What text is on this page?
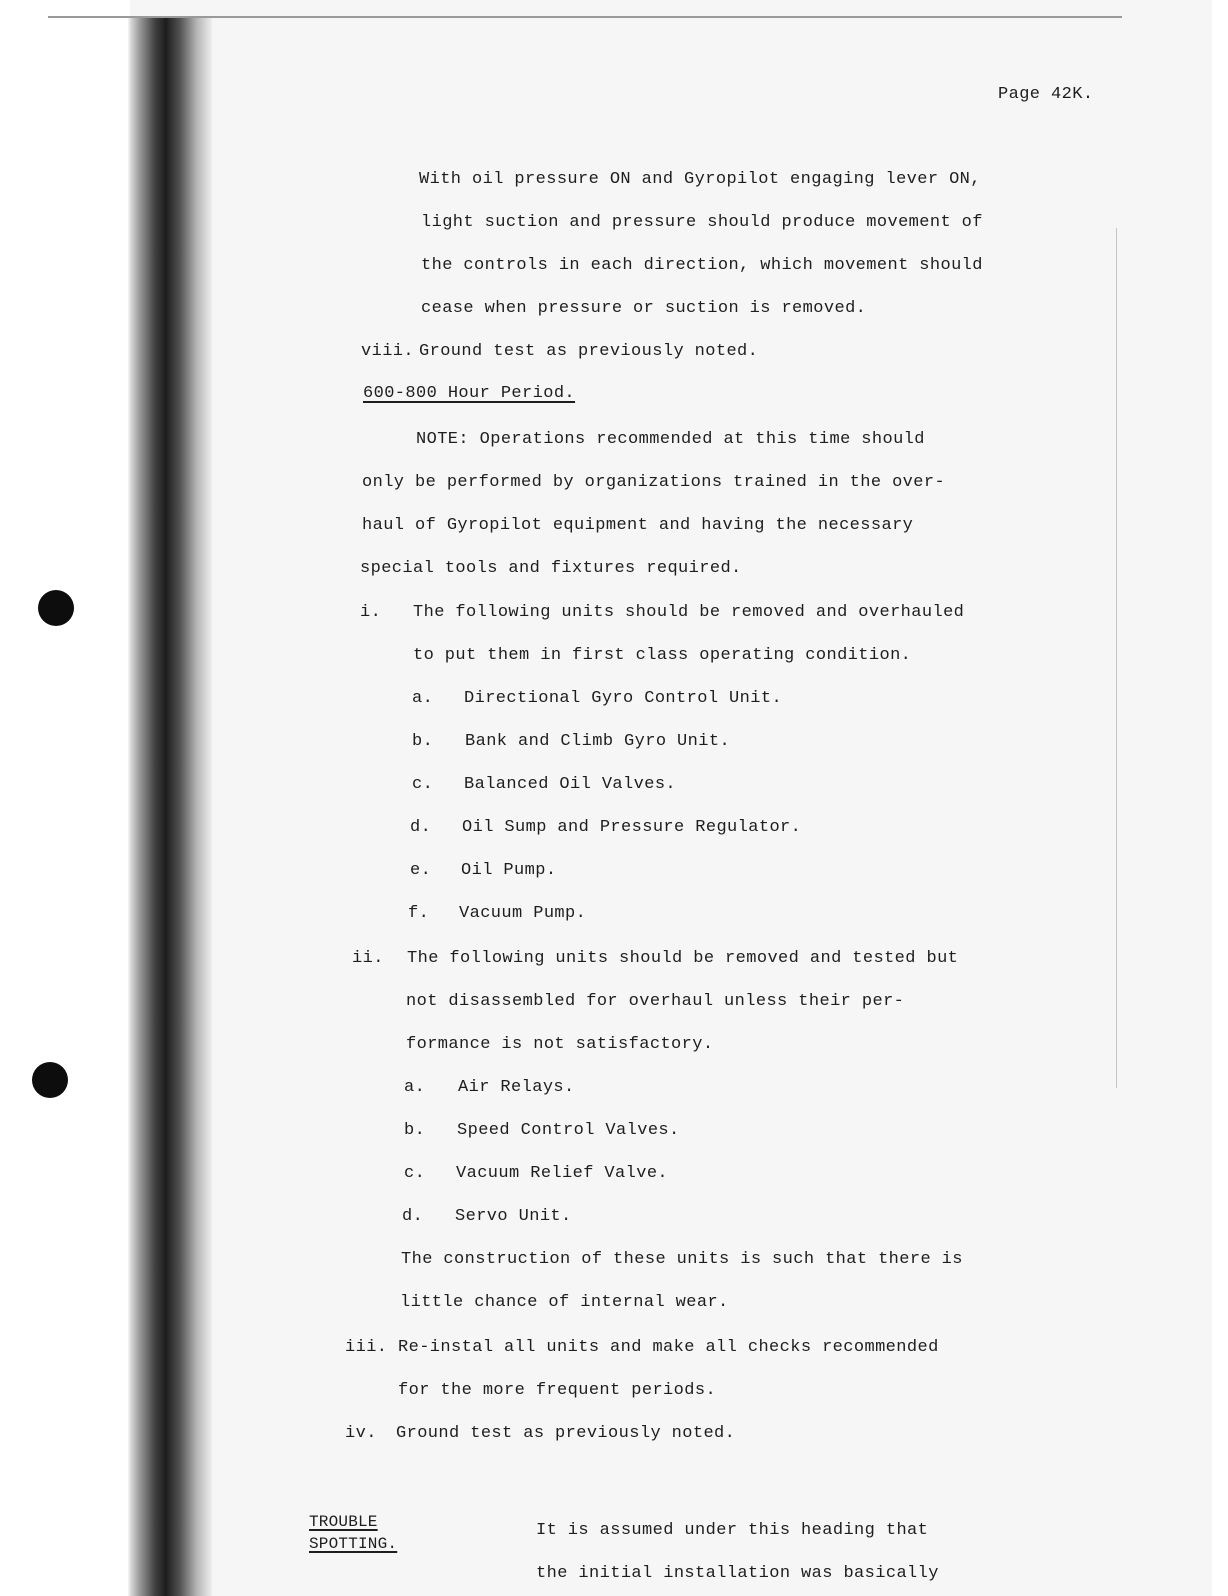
Page 42K.
With oil pressure ON and Gyropilot engaging lever ON,
light suction and pressure should produce movement of
the controls in each direction, which movement should
cease when pressure or suction is removed.
viii. Ground test as previously noted.
600-800 Hour Period.
NOTE: Operations recommended at this time should
only be performed by organizations trained in the over-
haul of Gyropilot equipment and having the necessary
special tools and fixtures required.
i. The following units should be removed and overhauled
to put them in first class operating condition.
a. Directional Gyro Control Unit.
b. Bank and Climb Gyro Unit.
c. Balanced Oil Valves.
d. Oil Sump and Pressure Regulator.
e. Oil Pump.
f. Vacuum Pump.
ii. The following units should be removed and tested but
not disassembled for overhaul unless their per-
formance is not satisfactory.
a. Air Relays.
b. Speed Control Valves.
c. Vacuum Relief Valve.
d. Servo Unit.
The construction of these units is such that there is
little chance of internal wear.
iii. Re-instal all units and make all checks recommended
for the more frequent periods.
iv. Ground test as previously noted.
TROUBLE
SPOTTING.
It is assumed under this heading that
the initial installation was basically
